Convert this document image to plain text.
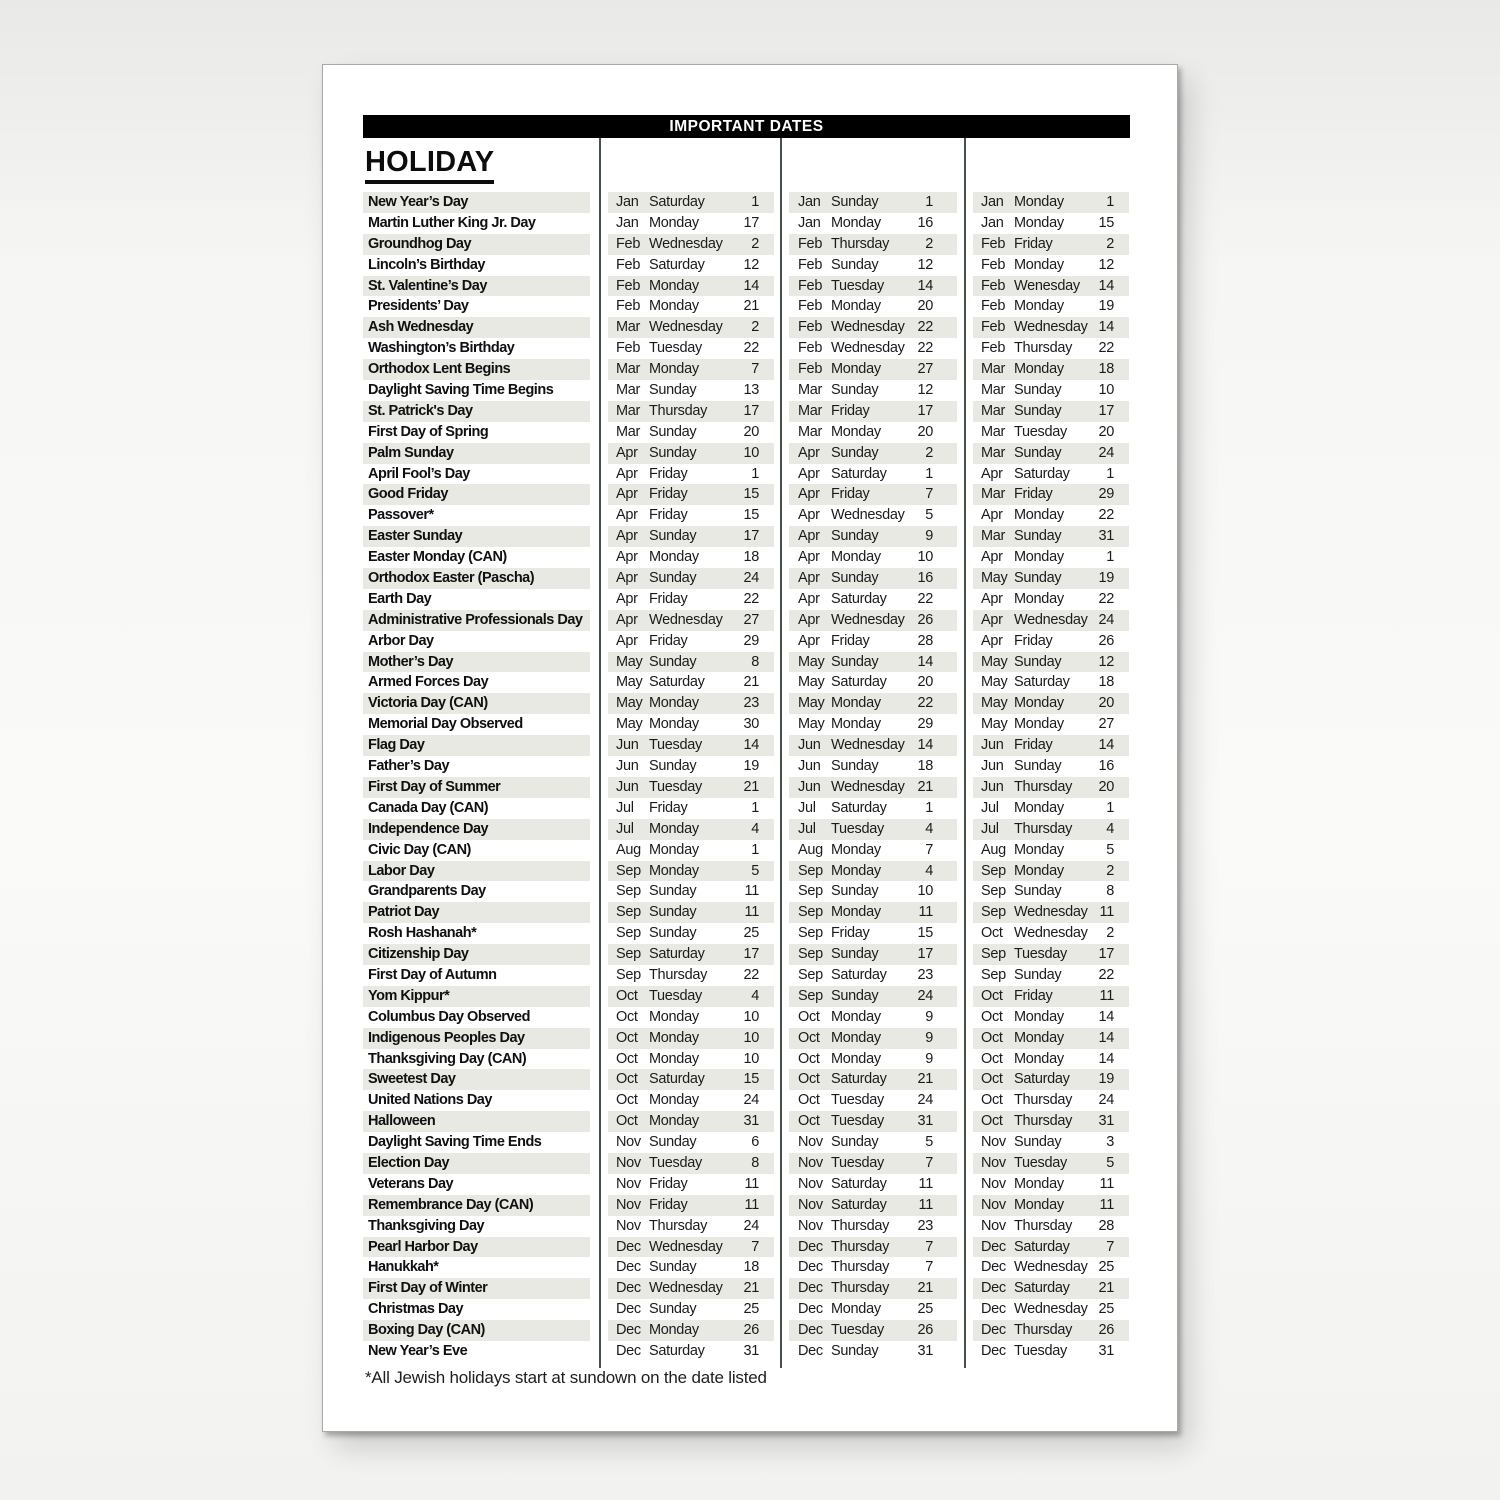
IMPORTANT DATES
HOLIDAY
New Year’s Day	Jan Saturday	1	Jan Sunday	1	Jan Monday	1
Martin Luther King Jr. Day	Jan Monday	17	Jan Monday	16	Jan Monday	15
Groundhog Day	Feb Wednesday	2	Feb Thursday	2	Feb Friday	2
Lincoln’s Birthday	Feb Saturday	12	Feb Sunday	12	Feb Monday	12
St. Valentine’s Day	Feb Monday	14	Feb Tuesday	14	Feb Wenesday	14
Presidents’ Day	Feb Monday	21	Feb Monday	20	Feb Monday	19
Ash Wednesday	Mar Wednesday	2	Feb Wednesday 22	Feb Wednesday 14
Washington’s Birthday	Feb Tuesday	22	Feb Wednesday 22	Feb Thursday	22
Orthodox Lent Begins	Mar Monday	7	Feb Monday	27	Mar Monday	18
Daylight Saving Time Begins	Mar Sunday	13	Mar Sunday	12	Mar Sunday	10
St. Patrick's Day	Mar Thursday	17	Mar Friday	17	Mar Sunday	17
First Day of Spring	Mar Sunday	20	Mar Monday	20	Mar Tuesday	20
Palm Sunday	Apr Sunday	10	Apr Sunday	2	Mar Sunday	24
April Fool’s Day	Apr Friday	1	Apr Saturday	1	Apr Saturday	1
Good Friday	Apr Friday	15	Apr Friday	7	Mar Friday	29
Passover*	Apr Friday	15	Apr Wednesday	5	Apr Monday	22
Easter Sunday	Apr Sunday	17	Apr Sunday	9	Mar Sunday	31
Easter Monday (CAN)	Apr Monday	18	Apr Monday	10	Apr Monday	1
Orthodox Easter (Pascha)	Apr Sunday	24	Apr Sunday	16	May Sunday	19
Earth Day	Apr Friday	22	Apr Saturday	22	Apr Monday	22
Administrative Professionals Day	Apr Wednesday	27	Apr Wednesday 26	Apr Wednesday 24
Arbor Day	Apr Friday	29	Apr Friday	28	Apr Friday	26
Mother’s Day	May Sunday	8	May Sunday	14	May Sunday	12
Armed Forces Day	May Saturday	21	May Saturday	20	May Saturday	18
Victoria Day (CAN)	May Monday	23	May Monday	22	May Monday	20
Memorial Day Observed	May Monday	30	May Monday	29	May Monday	27
Flag Day	Jun Tuesday	14	Jun Wednesday 14	Jun Friday	14
Father’s Day	Jun Sunday	19	Jun Sunday	18	Jun Sunday	16
First Day of Summer	Jun Tuesday	21	Jun Wednesday 21	Jun Thursday	20
Canada Day (CAN)	Jul	Friday	1	Jul	Saturday	1	Jul	Monday	1
Independence Day	Jul	Monday	4	Jul	Tuesday	4	Jul	Thursday	4
Civic Day (CAN)	Aug Monday	1	Aug Monday	7	Aug Monday	5
Labor Day	Sep Monday	5	Sep Monday	4	Sep Monday	2
Grandparents Day	Sep Sunday	11	Sep Sunday	10	Sep Sunday	8
Patriot Day	Sep Sunday	11	Sep Monday	11	Sep Wednesday 11
Rosh Hashanah*	Sep Sunday	25	Sep Friday	15	Oct Wednesday	2
Citizenship Day	Sep Saturday	17	Sep Sunday	17	Sep Tuesday	17
First Day of Autumn	Sep Thursday	22	Sep Saturday	23	Sep Sunday	22
Yom Kippur*	Oct Tuesday	4	Sep Sunday	24	Oct Friday	11
Columbus Day Observed	Oct Monday	10	Oct Monday	9	Oct Monday	14
Indigenous Peoples Day	Oct Monday	10	Oct Monday	9	Oct Monday	14
Thanksgiving Day (CAN)	Oct Monday	10	Oct Monday	9	Oct Monday	14
Sweetest Day	Oct Saturday	15	Oct Saturday	21	Oct Saturday	19
United Nations Day	Oct Monday	24	Oct Tuesday	24	Oct Thursday	24
Halloween	Oct Monday	31	Oct Tuesday	31	Oct Thursday	31
Daylight Saving Time Ends	Nov Sunday	6	Nov Sunday	5	Nov Sunday	3
Election Day	Nov Tuesday	8	Nov Tuesday	7	Nov Tuesday	5
Veterans Day	Nov Friday	11	Nov Saturday	11	Nov Monday	11
Remembrance Day (CAN)	Nov Friday	11	Nov Saturday	11	Nov Monday	11
Thanksgiving Day	Nov Thursday	24	Nov Thursday	23	Nov Thursday	28
Pearl Harbor Day	Dec Wednesday	7	Dec Thursday	7	Dec Saturday	7
Hanukkah*	Dec Sunday	18	Dec Thursday	7	Dec Wednesday 25
First Day of Winter	Dec Wednesday	21	Dec Thursday	21	Dec Saturday	21
Christmas Day	Dec Sunday	25	Dec Monday	25	Dec Wednesday 25
Boxing Day (CAN)	Dec Monday	26	Dec Tuesday	26	Dec Thursday	26
New Year’s Eve	Dec Saturday	31	Dec Sunday	31	Dec Tuesday	31
*All Jewish holidays start at sundown on the date listed
